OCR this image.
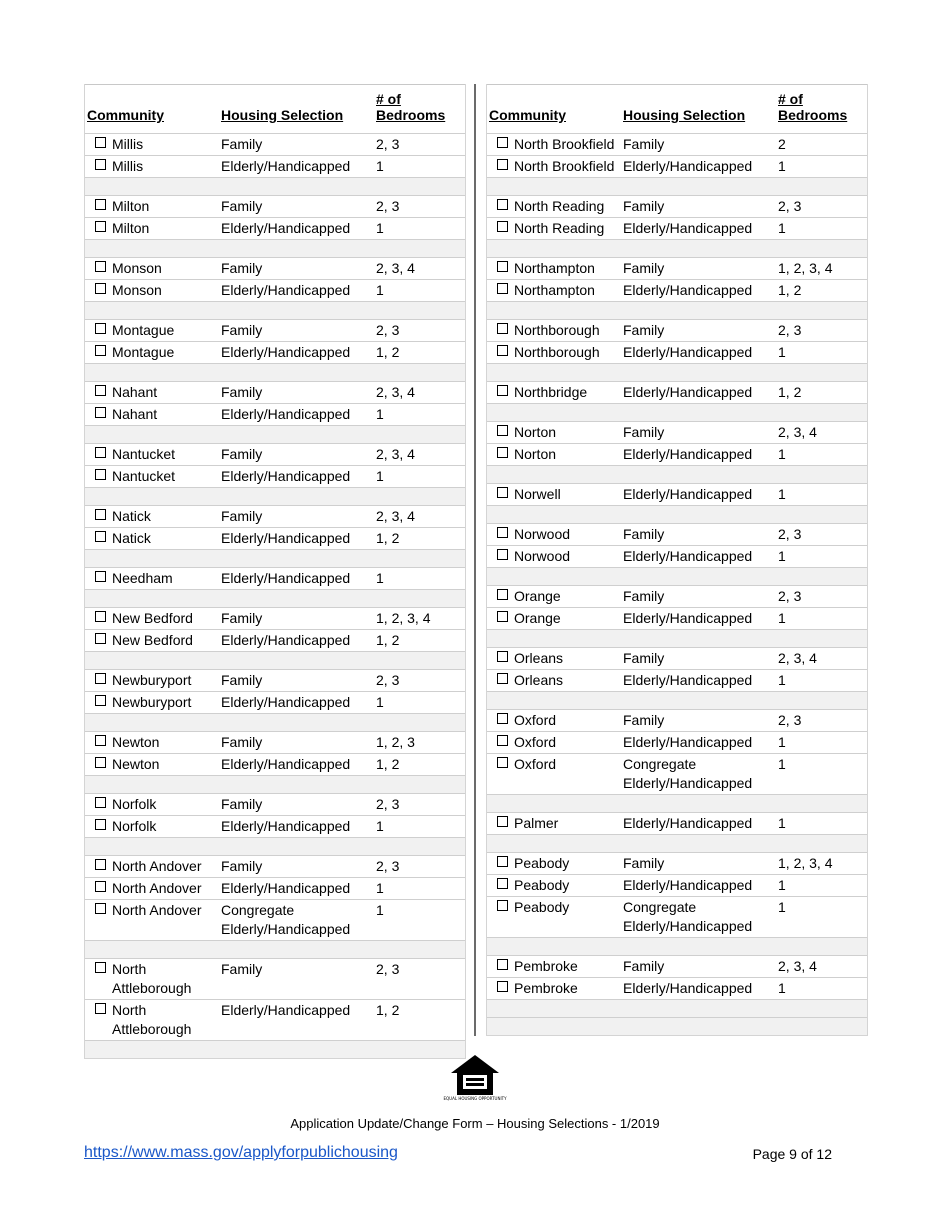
Community	Housing Selection	# of
Bedrooms

Millis	Family	2, 3

Millis	Elderly/Handicapped	1

Milton	Family	2, 3

Milton	Elderly/Handicapped	1

Monson	Family	2, 3, 4

Monson	Elderly/Handicapped	1

Montague	Family	2, 3

Montague	Elderly/Handicapped	1, 2

Nahant	Family	2, 3, 4

Nahant	Elderly/Handicapped	1

Nantucket	Family	2, 3, 4

Nantucket	Elderly/Handicapped	1

Natick	Family	2, 3, 4

Natick	Elderly/Handicapped	1, 2

Needham	Elderly/Handicapped	1

New Bedford	Family	1, 2, 3, 4

New Bedford	Elderly/Handicapped	1, 2

Newburyport	Family	2, 3

Newburyport	Elderly/Handicapped	1

Newton	Family	1, 2, 3

Newton	Elderly/Handicapped	1, 2

Norfolk	Family	2, 3

Norfolk	Elderly/Handicapped	1

North Andover	Family	2, 3

North Andover	Elderly/Handicapped	1

North Andover	Congregate Elderly/Handicapped	1

North Attleborough	Family	2, 3

North Attleborough	Elderly/Handicapped	1, 2

Community	Housing Selection	# of
Bedrooms

North Brookfield	Family	2

North Brookfield	Elderly/Handicapped	1

North Reading	Family	2, 3

North Reading	Elderly/Handicapped	1

Northampton	Family	1, 2, 3, 4

Northampton	Elderly/Handicapped	1, 2

Northborough	Family	2, 3

Northborough	Elderly/Handicapped	1

Northbridge	Elderly/Handicapped	1, 2

Norton	Family	2, 3, 4

Norton	Elderly/Handicapped	1

Norwell	Elderly/Handicapped	1

Norwood	Family	2, 3

Norwood	Elderly/Handicapped	1

Orange	Family	2, 3

Orange	Elderly/Handicapped	1

Orleans	Family	2, 3, 4

Orleans	Elderly/Handicapped	1

Oxford	Family	2, 3

Oxford	Elderly/Handicapped	1

Oxford	Congregate Elderly/Handicapped	1

Palmer	Elderly/Handicapped	1

Peabody	Family	1, 2, 3, 4

Peabody	Elderly/Handicapped	1

Peabody	Congregate Elderly/Handicapped	1

Pembroke	Family	2, 3, 4

Pembroke	Elderly/Handicapped	1

EQUAL HOUSING OPPORTUNITY
Application Update/Change Form – Housing Selections - 1/2019
https://www.mass.gov/applyforpublichousing	Page 9 of 12
